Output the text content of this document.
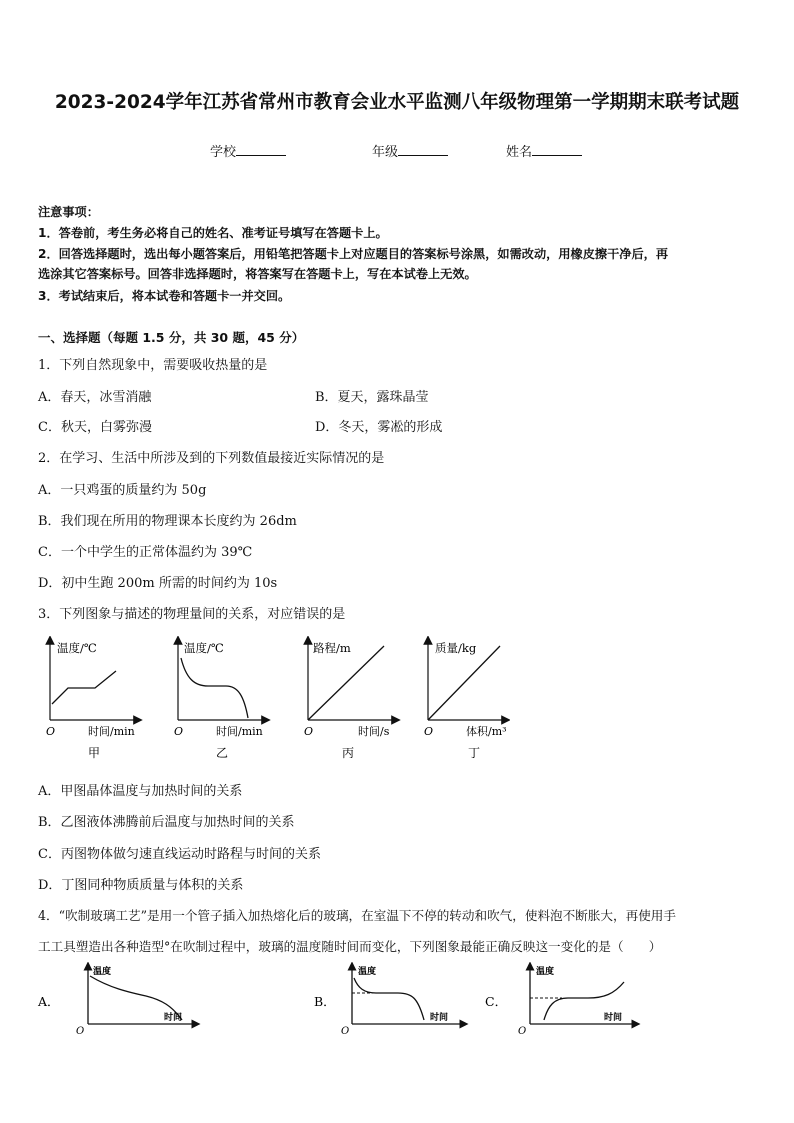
2023-2024学年江苏省常州市教育会业水平监测八年级物理第一学期期末联考试题
学校	年级	姓名
注意事项：
1．答卷前，考生务必将自己的姓名、准考证号填写在答题卡上。
2．回答选择题时，选出每小题答案后，用铅笔把答题卡上对应题目的答案标号涂黑，如需改动，用橡皮擦干净后，再
选涂其它答案标号。回答非选择题时，将答案写在答题卡上，写在本试卷上无效。
3．考试结束后，将本试卷和答题卡一并交回。
一、选择题（每题 1.5 分，共 30 题，45 分）
1．下列自然现象中，需要吸收热量的是
A．春天，冰雪消融	B．夏天，露珠晶莹
C．秋天，白雾弥漫	D．冬天，雾凇的形成
2．在学习、生活中所涉及到的下列数值最接近实际情况的是
A．一只鸡蛋的质量约为 50g
B．我们现在所用的物理课本长度约为 26dm
C．一个中学生的正常体温约为 39℃
D．初中生跑 200m 所需的时间约为 10s
3．下列图象与描述的物理量间的关系，对应错误的是
温度/℃
时间/min
O
甲
温度/℃
时间/min
O
乙
路程/m
时间/s
O
丙
质量/kg
体积/m³
O
丁
A．甲图晶体温度与加热时间的关系
B．乙图液体沸腾前后温度与加热时间的关系
C．丙图物体做匀速直线运动时路程与时间的关系
D．丁图同种物质质量与体积的关系
4．“吹制玻璃工艺”是用一个管子插入加热熔化后的玻璃，在室温下不停的转动和吹气，使料泡不断胀大，再使用手
工工具塑造出各种造型°在吹制过程中，玻璃的温度随时间而变化，下列图象最能正确反映这一变化的是（　　）
A．
温度
时间
O
B．
温度
时间
O
C．
温度
时间
O
